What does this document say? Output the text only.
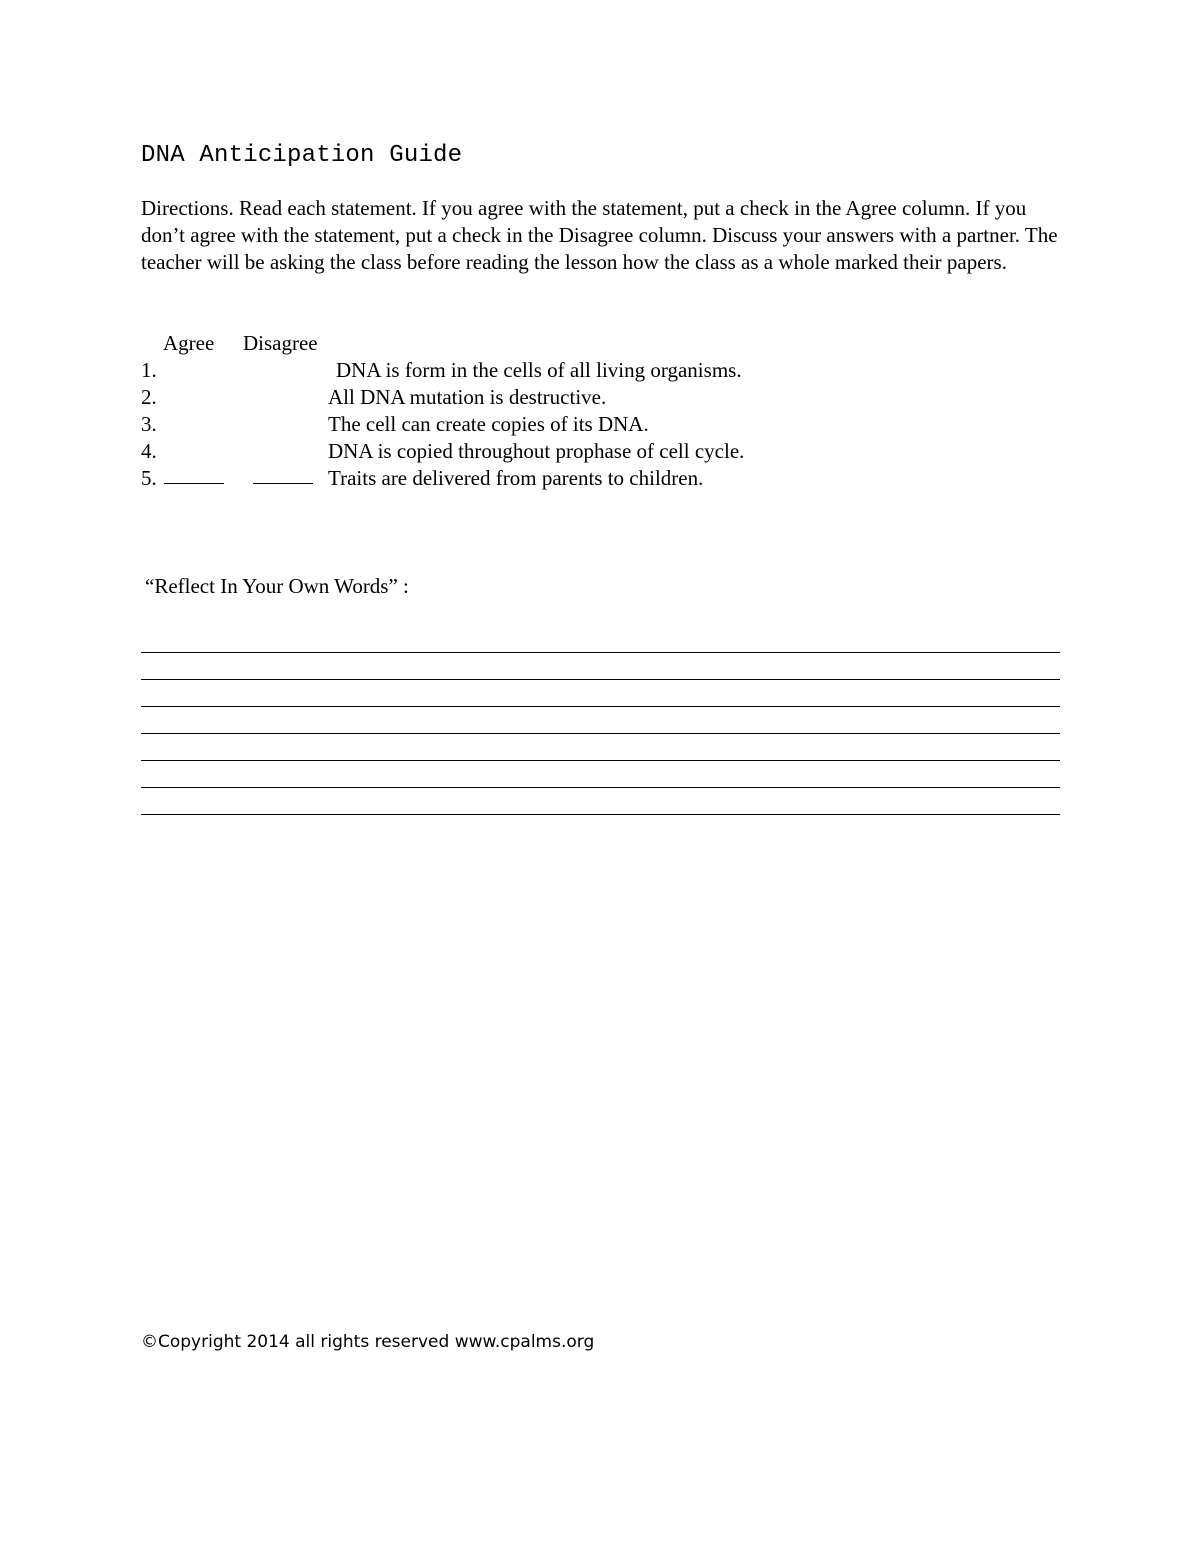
DNA Anticipation Guide

Directions. Read each statement. If you agree with the statement, put a check in the Agree column. If you don’t agree with the statement, put a check in the Disagree column. Discuss your answers with a partner. The teacher will be asking the class before reading the lesson how the class as a whole marked their papers.

Agree Disagree
1.	DNA is form in the cells of all living organisms.
2.	All DNA mutation is destructive.
3.	The cell can create copies of its DNA.
4.	DNA is copied throughout prophase of cell cycle.
5.	Traits are delivered from parents to children.

“Reflect In Your Own Words” :

©Copyright 2014 all rights reserved www.cpalms.org
